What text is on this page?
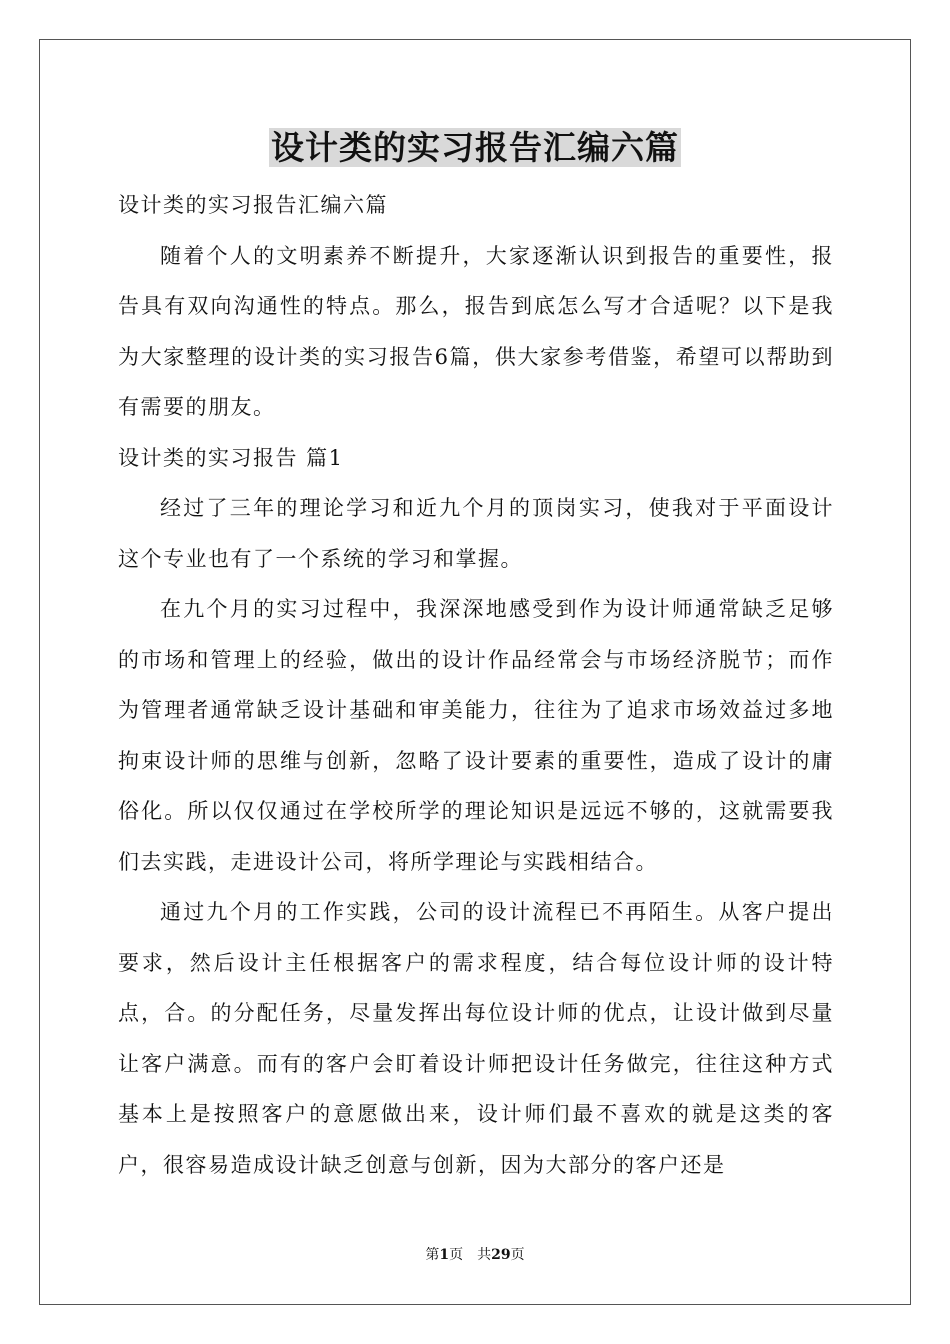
设计类的实习报告汇编六篇

设计类的实习报告汇编六篇

随着个人的文明素养不断提升，大家逐渐认识到报告的重要性，报告具有双向沟通性的特点。那么，报告到底怎么写才合适呢？以下是我为大家整理的设计类的实习报告6篇，供大家参考借鉴，希望可以帮助到有需要的朋友。

设计类的实习报告 篇1

经过了三年的理论学习和近九个月的顶岗实习，使我对于平面设计这个专业也有了一个系统的学习和掌握。

在九个月的实习过程中，我深深地感受到作为设计师通常缺乏足够的市场和管理上的经验，做出的设计作品经常会与市场经济脱节；而作为管理者通常缺乏设计基础和审美能力，往往为了追求市场效益过多地拘束设计师的思维与创新，忽略了设计要素的重要性，造成了设计的庸俗化。所以仅仅通过在学校所学的理论知识是远远不够的，这就需要我们去实践，走进设计公司，将所学理论与实践相结合。

通过九个月的工作实践，公司的设计流程已不再陌生。从客户提出要求，然后设计主任根据客户的需求程度，结合每位设计师的设计特点，合。的分配任务，尽量发挥出每位设计师的优点，让设计做到尽量让客户满意。而有的客户会盯着设计师把设计任务做完，往往这种方式基本上是按照客户的意愿做出来，设计师们最不喜欢的就是这类的客户，很容易造成设计缺乏创意与创新，因为大部分的客户还是

第1页 共29页
